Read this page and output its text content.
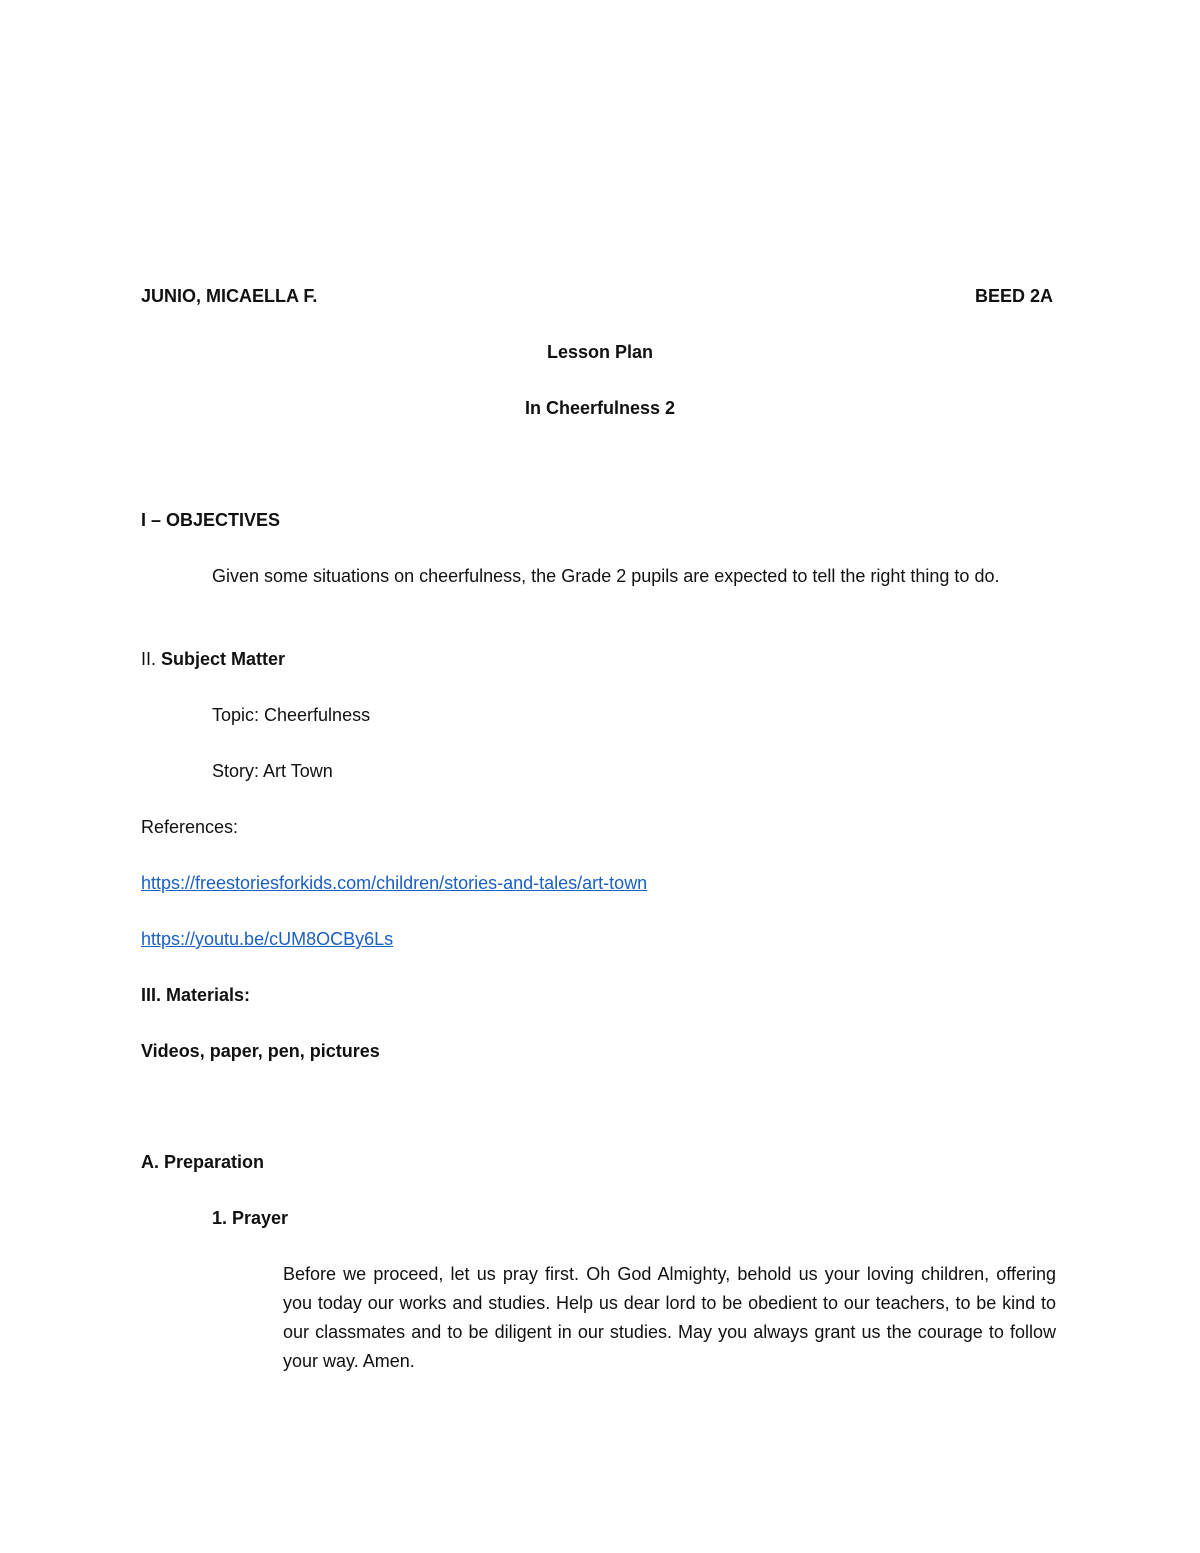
JUNIO, MICAELLA F.	BEED 2A
Lesson Plan
In Cheerfulness 2
I – OBJECTIVES
Given some situations on cheerfulness, the Grade 2 pupils are expected to tell the right thing to do.
II. Subject Matter
Topic: Cheerfulness
Story: Art Town
References:
https://freestoriesforkids.com/children/stories-and-tales/art-town
https://youtu.be/cUM8OCBy6Ls
III. Materials:
Videos, paper, pen, pictures
A. Preparation
1. Prayer
Before we proceed, let us pray first. Oh God Almighty, behold us your loving children, offering you today our works and studies. Help us dear lord to be obedient to our teachers, to be kind to our classmates and to be diligent in our studies. May you always grant us the courage to follow your way. Amen.
